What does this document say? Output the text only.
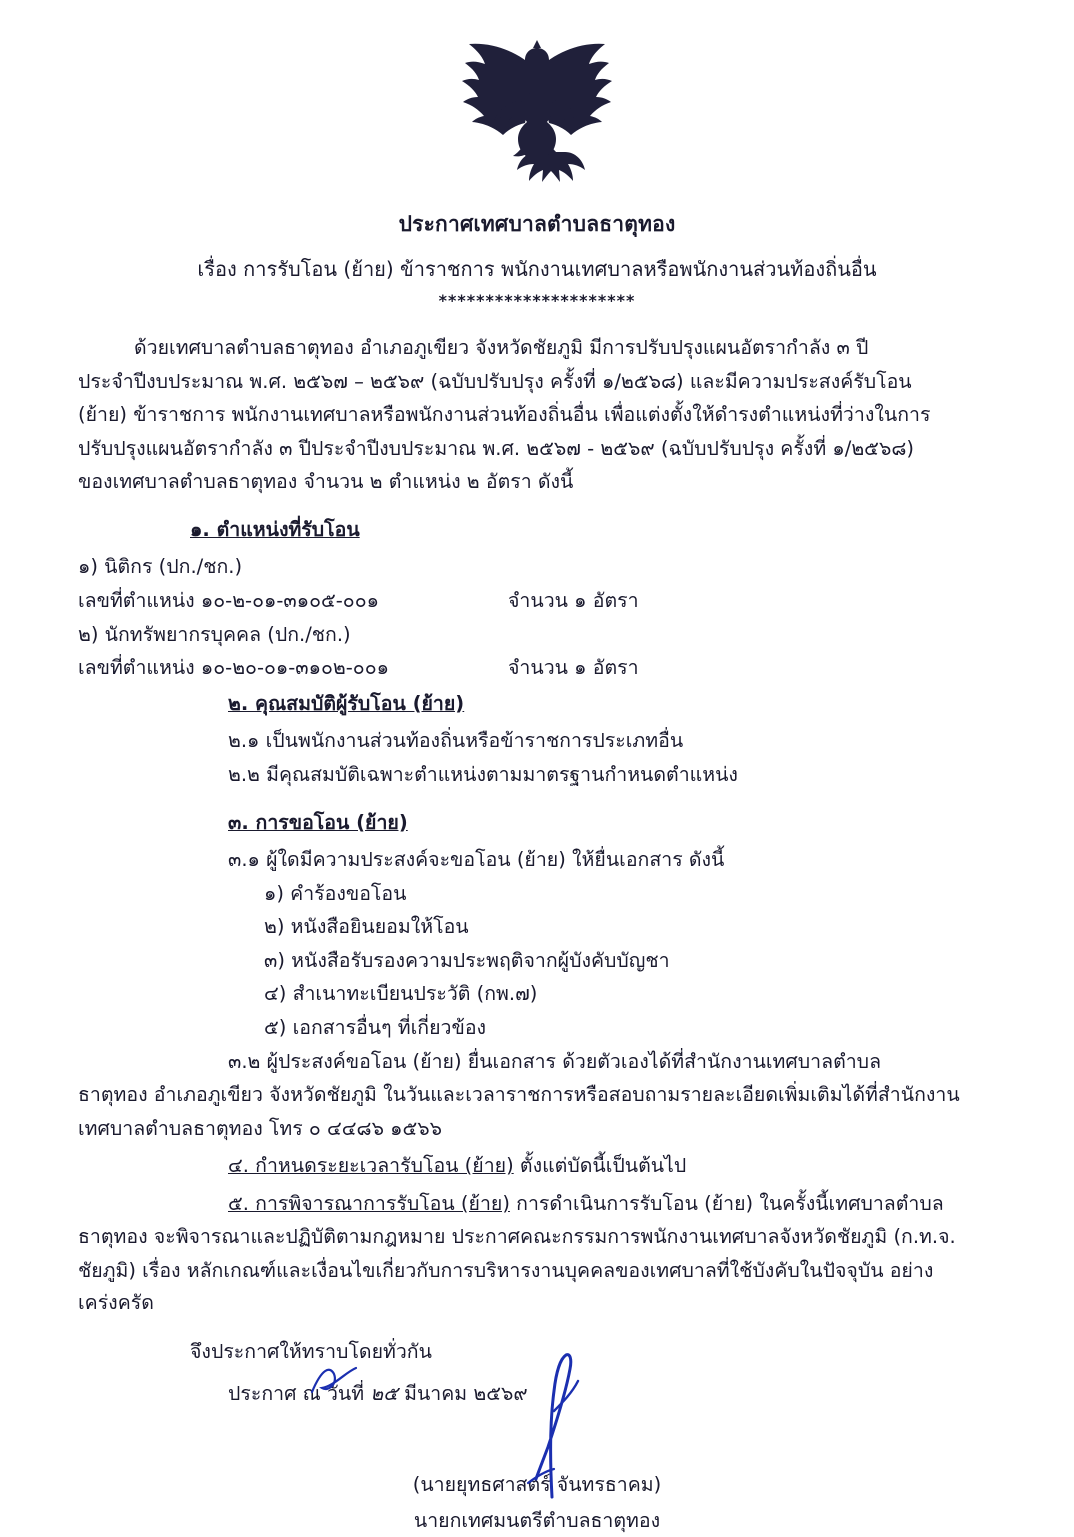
ประกาศเทศบาลตำบลธาตุทอง
เรื่อง การรับโอน (ย้าย) ข้าราชการ พนักงานเทศบาลหรือพนักงานส่วนท้องถิ่นอื่น
*********************
ด้วยเทศบาลตำบลธาตุทอง อำเภอภูเขียว จังหวัดชัยภูมิ มีการปรับปรุงแผนอัตรากำลัง ๓ ปี
ประจำปีงบประมาณ พ.ศ. ๒๕๖๗ – ๒๕๖๙ (ฉบับปรับปรุง ครั้งที่ ๑/๒๕๖๘) และมีความประสงค์รับโอน
(ย้าย) ข้าราชการ พนักงานเทศบาลหรือพนักงานส่วนท้องถิ่นอื่น เพื่อแต่งตั้งให้ดำรงตำแหน่งที่ว่างในการ
ปรับปรุงแผนอัตรากำลัง ๓ ปีประจำปีงบประมาณ พ.ศ. ๒๕๖๗ - ๒๕๖๙ (ฉบับปรับปรุง ครั้งที่ ๑/๒๕๖๘)
ของเทศบาลตำบลธาตุทอง จำนวน ๒ ตำแหน่ง ๒ อัตรา ดังนี้
๑. ตำแหน่งที่รับโอน
๑) นิติกร (ปก./ชก.)
เลขที่ตำแหน่ง ๑๐-๒-๐๑-๓๑๐๕-๐๐๑	จำนวน ๑ อัตรา
๒) นักทรัพยากรบุคคล (ปก./ชก.)
เลขที่ตำแหน่ง ๑๐-๒๐-๐๑-๓๑๐๒-๐๐๑	จำนวน ๑ อัตรา
๒. คุณสมบัติผู้รับโอน (ย้าย)
๒.๑ เป็นพนักงานส่วนท้องถิ่นหรือข้าราชการประเภทอื่น
๒.๒ มีคุณสมบัติเฉพาะตำแหน่งตามมาตรฐานกำหนดตำแหน่ง
๓. การขอโอน (ย้าย)
๓.๑ ผู้ใดมีความประสงค์จะขอโอน (ย้าย) ให้ยื่นเอกสาร ดังนี้
๑) คำร้องขอโอน
๒) หนังสือยินยอมให้โอน
๓) หนังสือรับรองความประพฤติจากผู้บังคับบัญชา
๔) สำเนาทะเบียนประวัติ (กพ.๗)
๕) เอกสารอื่นๆ ที่เกี่ยวข้อง
๓.๒ ผู้ประสงค์ขอโอน (ย้าย) ยื่นเอกสาร ด้วยตัวเองได้ที่สำนักงานเทศบาลตำบล
ธาตุทอง อำเภอภูเขียว จังหวัดชัยภูมิ ในวันและเวลาราชการหรือสอบถามรายละเอียดเพิ่มเติมได้ที่สำนักงาน
เทศบาลตำบลธาตุทอง โทร ๐ ๔๔๘๖ ๑๕๖๖
๔. กำหนดระยะเวลารับโอน (ย้าย) ตั้งแต่บัดนี้เป็นต้นไป
๕. การพิจารณาการรับโอน (ย้าย) การดำเนินการรับโอน (ย้าย) ในครั้งนี้เทศบาลตำบล
ธาตุทอง จะพิจารณาและปฏิบัติตามกฎหมาย ประกาศคณะกรรมการพนักงานเทศบาลจังหวัดชัยภูมิ (ก.ท.จ.
ชัยภูมิ) เรื่อง หลักเกณฑ์และเงื่อนไขเกี่ยวกับการบริหารงานบุคคลของเทศบาลที่ใช้บังคับในปัจจุบัน อย่างเคร่งครัด
จึงประกาศให้ทราบโดยทั่วกัน
ประกาศ ณ วันที่ ๒๕ มีนาคม ๒๕๖๙
(นายยุทธศาสตร์ จันทรธาคม)
นายกเทศมนตรีตำบลธาตุทอง
